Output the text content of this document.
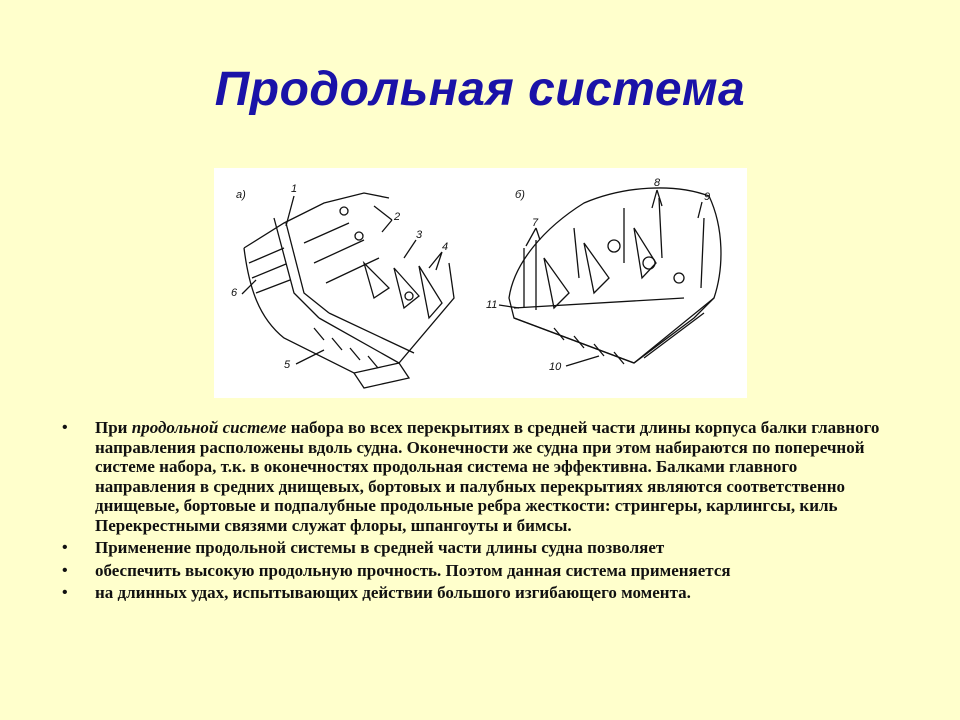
Продольная система
а)	б)
1
2
3
4
5
6
7
8
9
10
11
• При продольной системе набора во всех перекрытиях в средней части длины корпуса балки главного направления расположены вдоль судна. Оконечности же судна при этом набираются по поперечной системе набора, т.к. в оконечностях продольная система не эффективна. Балками главного направления в средних днищевых, бортовых и палубных перекрытиях являются соответственно днищевые, бортовые и подпалубные продольные ребра жесткости: стрингеры, карлингсы, киль Перекрестными связями служат флоры, шпангоуты и бимсы.
• Применение продольной системы в средней части длины судна позволяет
• обеспечить высокую продольную прочность. Поэтом данная система применяется
• на длинных удах, испытывающих действии большого изгибающего момента.
